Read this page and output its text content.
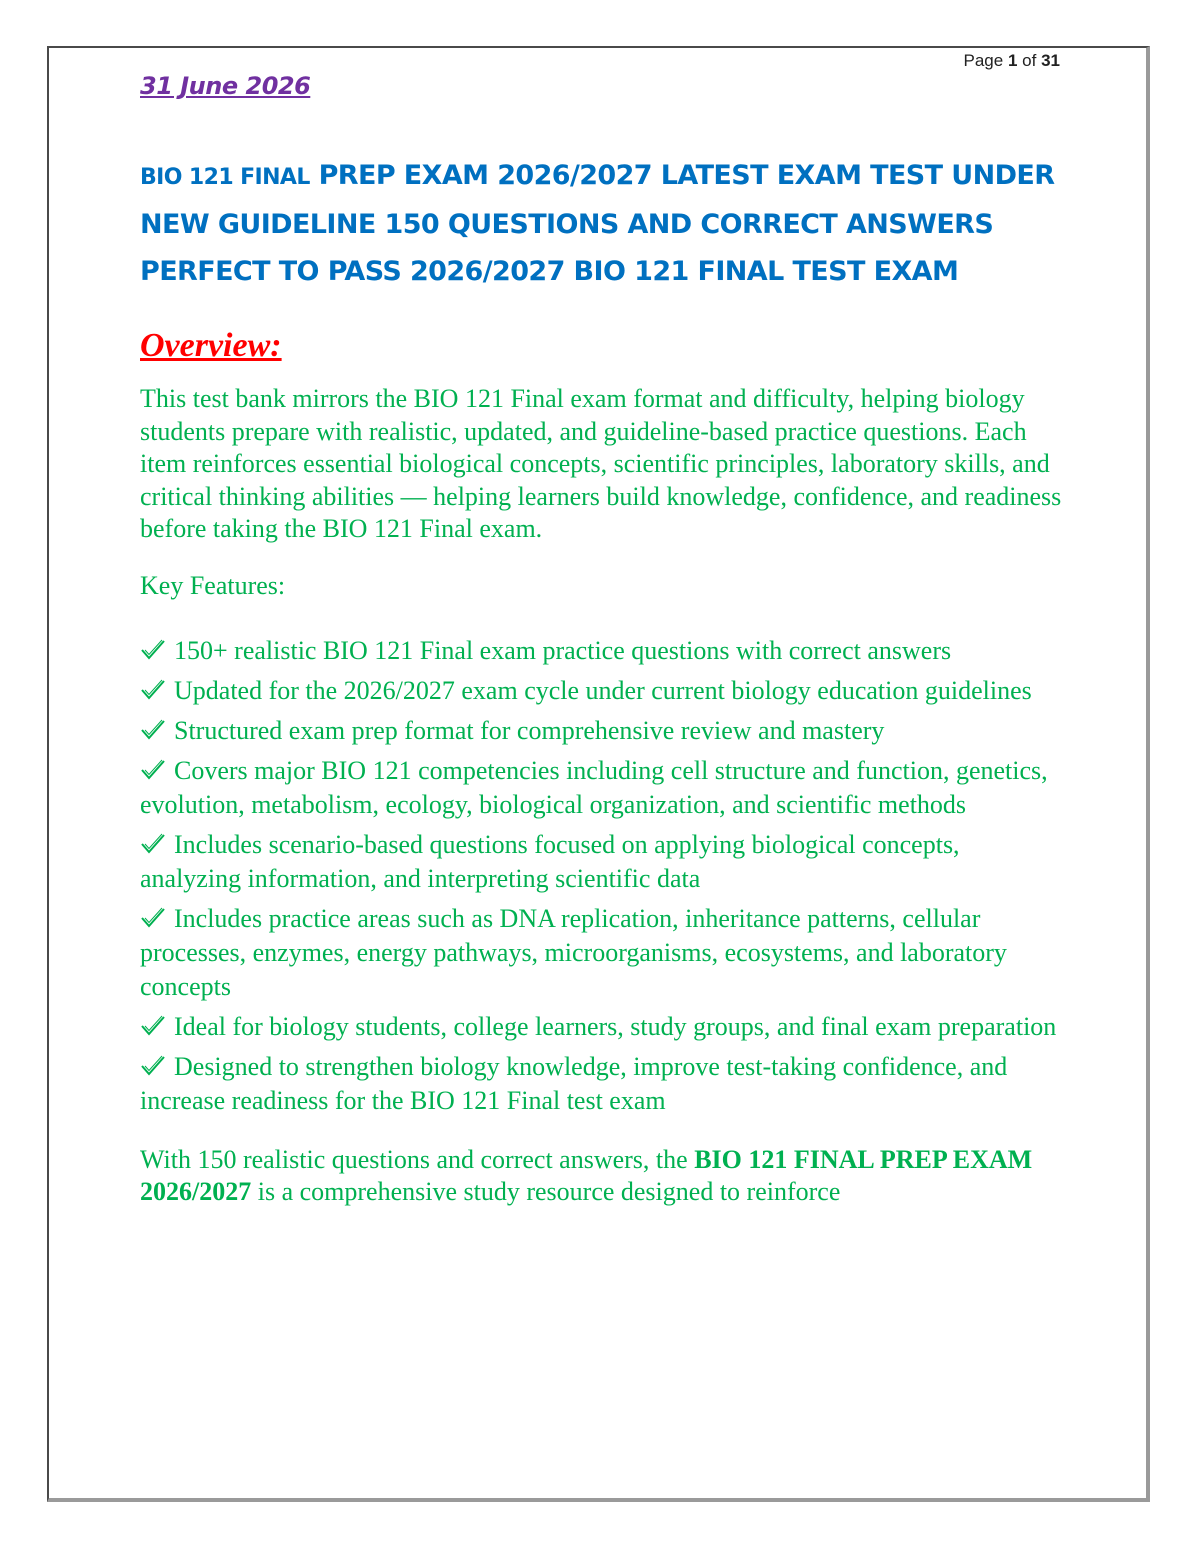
Page 1 of 31
31 June 2026
BIO 121 FINAL PREP EXAM 2026/2027 LATEST EXAM TEST UNDER NEW GUIDELINE 150 QUESTIONS AND CORRECT ANSWERS PERFECT TO PASS 2026/2027 BIO 121 FINAL TEST EXAM
Overview:
This test bank mirrors the BIO 121 Final exam format and difficulty, helping biology students prepare with realistic, updated, and guideline-based practice questions. Each item reinforces essential biological concepts, scientific principles, laboratory skills, and critical thinking abilities — helping learners build knowledge, confidence, and readiness before taking the BIO 121 Final exam.
Key Features:
150+ realistic BIO 121 Final exam practice questions with correct answers
Updated for the 2026/2027 exam cycle under current biology education guidelines
Structured exam prep format for comprehensive review and mastery
Covers major BIO 121 competencies including cell structure and function, genetics, evolution, metabolism, ecology, biological organization, and scientific methods
Includes scenario-based questions focused on applying biological concepts, analyzing information, and interpreting scientific data
Includes practice areas such as DNA replication, inheritance patterns, cellular processes, enzymes, energy pathways, microorganisms, ecosystems, and laboratory concepts
Ideal for biology students, college learners, study groups, and final exam preparation
Designed to strengthen biology knowledge, improve test-taking confidence, and increase readiness for the BIO 121 Final test exam
With 150 realistic questions and correct answers, the BIO 121 FINAL PREP EXAM 2026/2027 is a comprehensive study resource designed to reinforce
